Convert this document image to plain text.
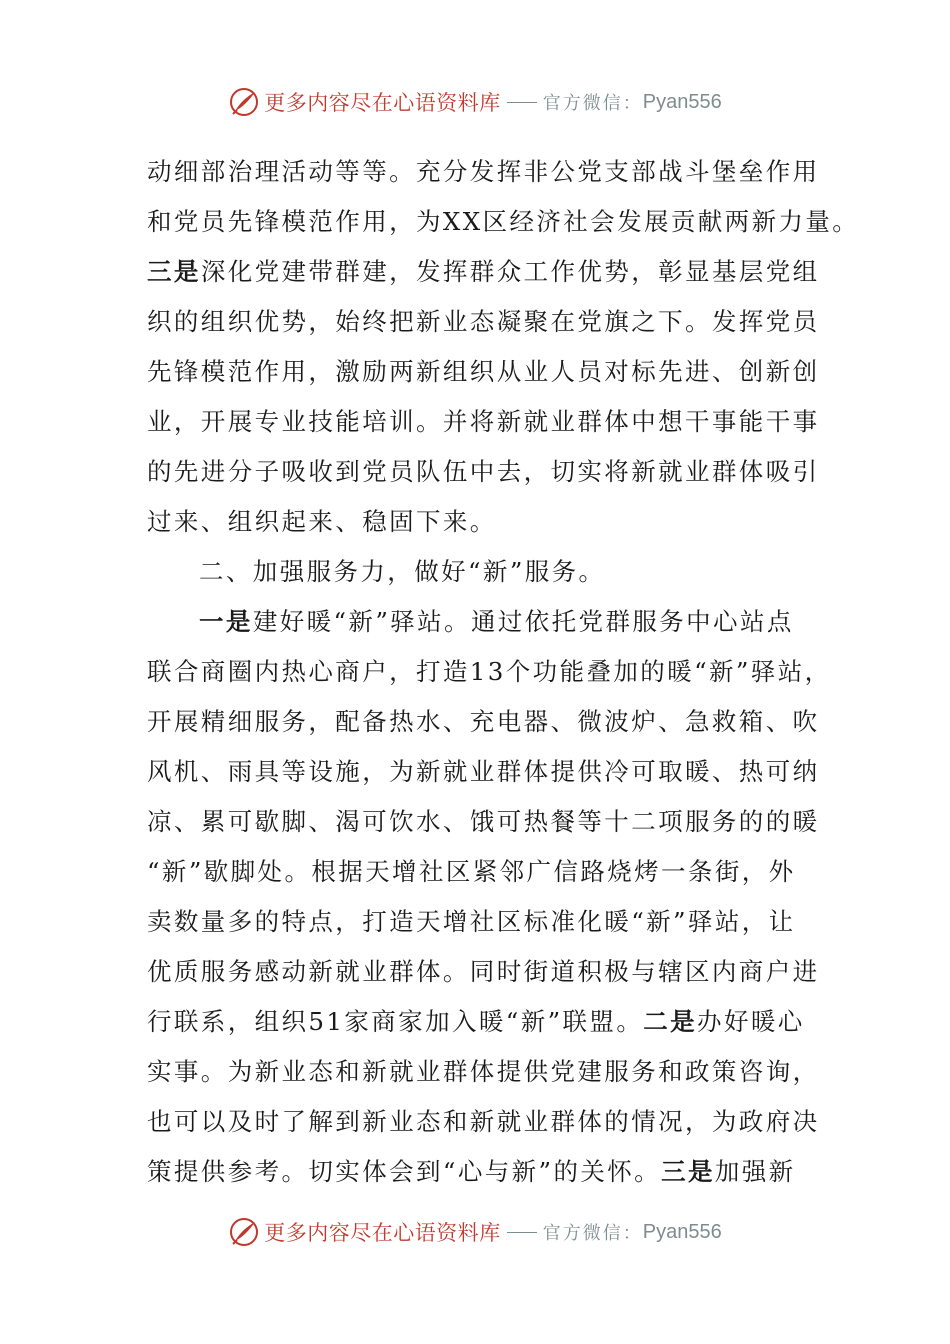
更多内容尽在心语资料库 官方微信： Pyan556
动细部治理活动等等。充分发挥非公党支部战斗堡垒作用
和党员先锋模范作用，为XX区经济社会发展贡献两新力量。
三是深化党建带群建，发挥群众工作优势，彰显基层党组
织的组织优势，始终把新业态凝聚在党旗之下。发挥党员
先锋模范作用，激励两新组织从业人员对标先进、创新创
业，开展专业技能培训。并将新就业群体中想干事能干事
的先进分子吸收到党员队伍中去，切实将新就业群体吸引
过来、组织起来、稳固下来。
二、加强服务力，做好“新”服务。
一是建好暖“新”驿站。通过依托党群服务中心站点
联合商圈内热心商户，打造13个功能叠加的暖“新”驿站，
开展精细服务，配备热水、充电器、微波炉、急救箱、吹
风机、雨具等设施，为新就业群体提供冷可取暖、热可纳
凉、累可歇脚、渴可饮水、饿可热餐等十二项服务的的暖
“新”歇脚处。根据天增社区紧邻广信路烧烤一条街，外
卖数量多的特点，打造天增社区标准化暖“新”驿站，让
优质服务感动新就业群体。同时街道积极与辖区内商户进
行联系，组织51家商家加入暖“新”联盟。二是办好暖心
实事。为新业态和新就业群体提供党建服务和政策咨询，
也可以及时了解到新业态和新就业群体的情况，为政府决
策提供参考。切实体会到“心与新”的关怀。三是加强新
更多内容尽在心语资料库 官方微信： Pyan556
